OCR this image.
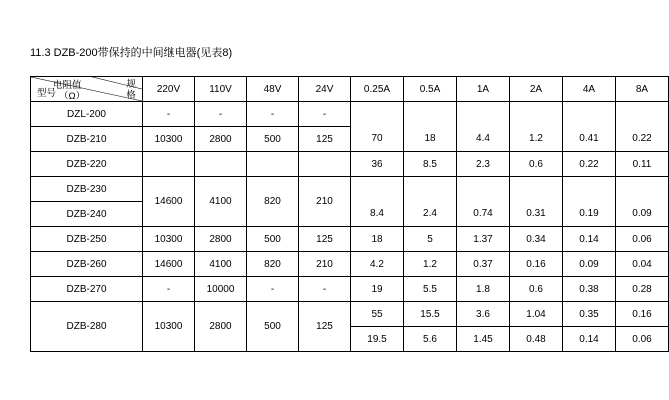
11.3 DZB-200带保持的中间继电器(见表8)
电阻值
（Ω）
规格
型号	220V	110V	48V	24V	0.25A	0.5A	1A	2A	4A	8A
DZL-200	-	-	-	-						
DZB-210	10300	2800	500	125	70	18	4.4	1.2	0.41	0.22
DZB-220					36	8.5	2.3	0.6	0.22	0.11
DZB-230	14600	4100	820	210						
DZB-240					8.4	2.4	0.74	0.31	0.19	0.09
DZB-250	10300	2800	500	125	18	5	1.37	0.34	0.14	0.06
DZB-260	14600	4100	820	210	4.2	1.2	0.37	0.16	0.09	0.04
DZB-270	-	10000	-	-	19	5.5	1.8	0.6	0.38	0.28
DZB-280	10300	2800	500	125	55	15.5	3.6	1.04	0.35	0.16
					19.5	5.6	1.45	0.48	0.14	0.06
